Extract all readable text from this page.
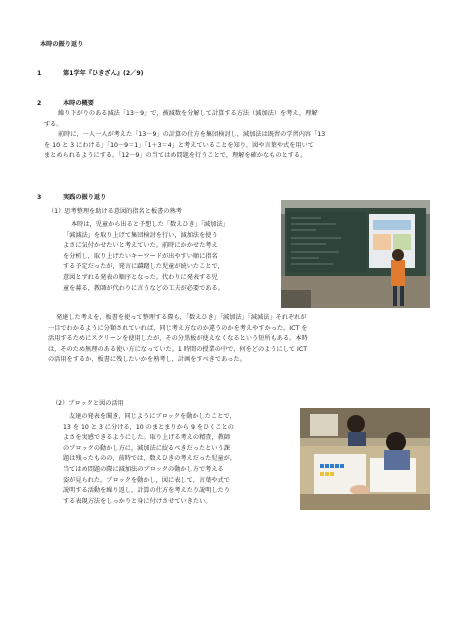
本時の振り返り
1	第1学年『ひきざん』(2／9)
2	本時の概要
繰り下がりのある減法「13－9」で，被減数を分解して計算する方法（減加法）を考え，理解
する。
前時に，一人一人が考えた「13－9」の計算の仕方を集団検討し，減加法は既習の学習内容「13
を 10 と 3 にわける」「10－9＝1」「1＋3＝4」と考えていることを知り，図や言葉や式を用いて
まとめられるようにする。「12－9」の当てはめ問題を行うことで，理解を確かなものとする。
3	実践の振り返り
（1）思考整理を助ける意図的指名と板書の熟考
本時は，児童から出ると予想した「数えひき」「減加法」
「減減法」を取り上げて集団検討を行い，減加法を使う
よさに気付かせたいと考えていた。前時にかかせた考え
を分析し，取り上げたいキーワードが出やすい順に指名
する予定だったが，発言に躊躇した児童が続いたことで，
意図とずれる発表の順序となった。代わりに発表する児
童を募る，教師が代わりに言うなどの工夫が必要である。
発達した考えを，板書を使って整理する際も，「数えひき」「減加法」「減減法」それぞれが
一目でわかるように分類されていれば，同じ考え方なのか違うのかを考えやすかった。ICT を
活用するためにスクリーンを使用したが，その分黒板が使えなくなるという短所もある。本時
は，そのため無理のある使い方になっていた。1 時間の授業の中で，何をどのようにして ICT
の活用をするか，板書に残したいかを熟考し，計画をすべきであった。
（2）ブロックと図の活用
友達の発表を聞き，同じようにブロックを動かしたことで，
13 を 10 と 3 に分ける，10 のまとまりから 9 をひくことの
よさを実感できるようにした。取り上げる考えの精査，教師
のブロックの動かし方に，減加法に絞るべきだったという課
題は残ったものの，前時では，数えひきの考えだった児童が，
当てはめ問題の際に減加法のブロックの動かし方で考える
姿が見られた。ブロックを動かし，図に表して，言葉や式で
説明する活動を繰り返し，計算の仕方を考えたり説明したり
する表現方法をしっかりと身に付けさせていきたい。
